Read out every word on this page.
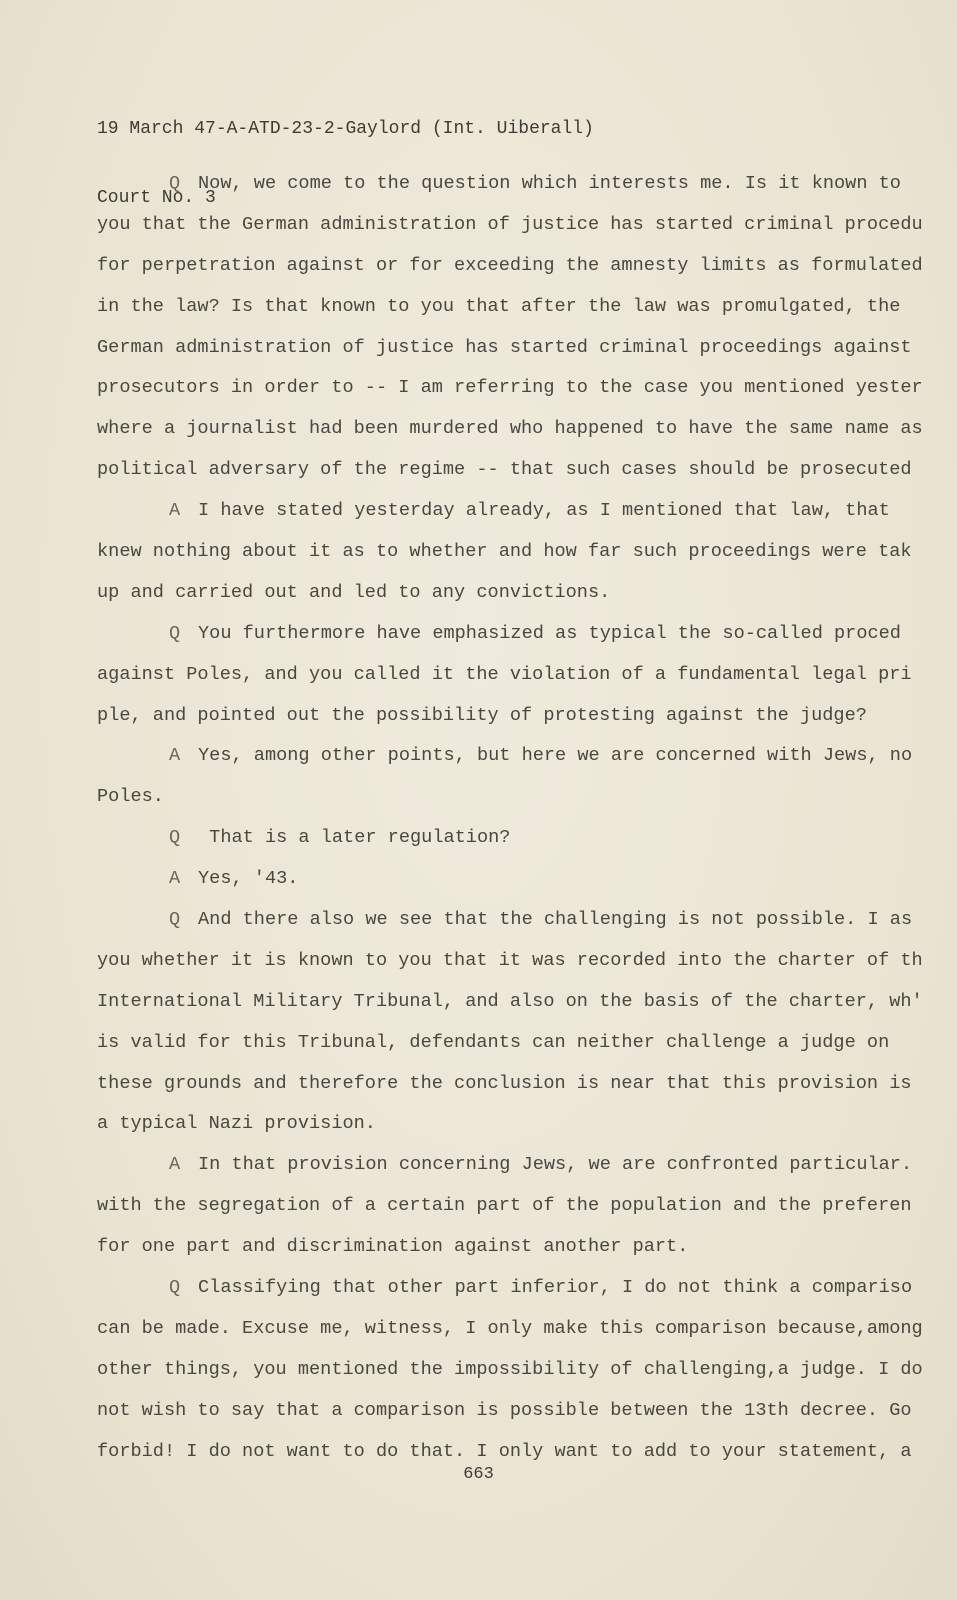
19 March 47-A-ATD-23-2-Gaylord (Int. Uiberall)

Court No. 3

Q Now, we come to the question which interests me. Is it known to
you that the German administration of justice has started criminal procedu
for perpetration against or for exceeding the amnesty limits as formulated
in the law? Is that known to you that after the law was promulgated, the
German administration of justice has started criminal proceedings against
prosecutors in order to -- I am referring to the case you mentioned yester
where a journalist had been murdered who happened to have the same name as
political adversary of the regime -- that such cases should be prosecuted
A I have stated yesterday already, as I mentioned that law, that
knew nothing about it as to whether and how far such proceedings were tak
up and carried out and led to any convictions.
Q You furthermore have emphasized as typical the so-called proced
against Poles, and you called it the violation of a fundamental legal pri
ple, and pointed out the possibility of protesting against the judge?
A Yes, among other points, but here we are concerned with Jews, no
Poles.
Q That is a later regulation?
A Yes, '43.
Q And there also we see that the challenging is not possible. I as
you whether it is known to you that it was recorded into the charter of th
International Military Tribunal, and also on the basis of the charter, wh'
is valid for this Tribunal, defendants can neither challenge a judge on
these grounds and therefore the conclusion is near that this provision is
a typical Nazi provision.
A In that provision concerning Jews, we are confronted particular.
with the segregation of a certain part of the population and the preferen
for one part and discrimination against another part.
Q Classifying that other part inferior, I do not think a compariso
can be made. Excuse me, witness, I only make this comparison because,among
other things, you mentioned the impossibility of challenging,a judge. I do
not wish to say that a comparison is possible between the 13th decree. Go
forbid! I do not want to do that. I only want to add to your statement, a
663
